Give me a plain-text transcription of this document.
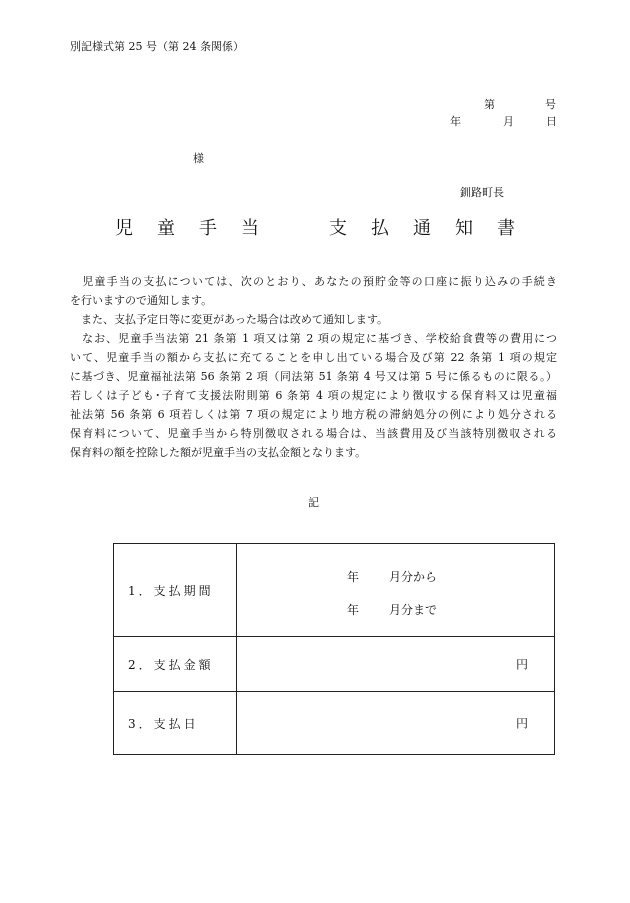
別記様式第 25 号（第 24 条関係）
第	号
年	月	日
様
釧路町長
児 童 手 当	支 払 通 知 書
　児童手当の支払については、次のとおり、あなたの預貯金等の口座に振り込みの手続き
を行いますので通知します。
　また、支払予定日等に変更があった場合は改めて通知します。
　なお、児童手当法第 21 条第 1 項又は第 2 項の規定に基づき、学校給食費等の費用につ
いて、児童手当の額から支払に充てることを申し出ている場合及び第 22 条第 1 項の規定
に基づき、児童福祉法第 56 条第 2 項（同法第 51 条第 4 号又は第 5 号に係るものに限る。）
若しくは子ども･子育て支援法附則第 6 条第 4 項の規定により徴収する保育料又は児童福
祉法第 56 条第 6 項若しくは第 7 項の規定により地方税の滞納処分の例により処分される
保育料について、児童手当から特別徴収される場合は、当該費用及び当該特別徴収される
保育料の額を控除した額が児童手当の支払金額となります。
記
1．支払期間	年 月分から
年 月分まで

2．支払金額	円

3．支払日	円
